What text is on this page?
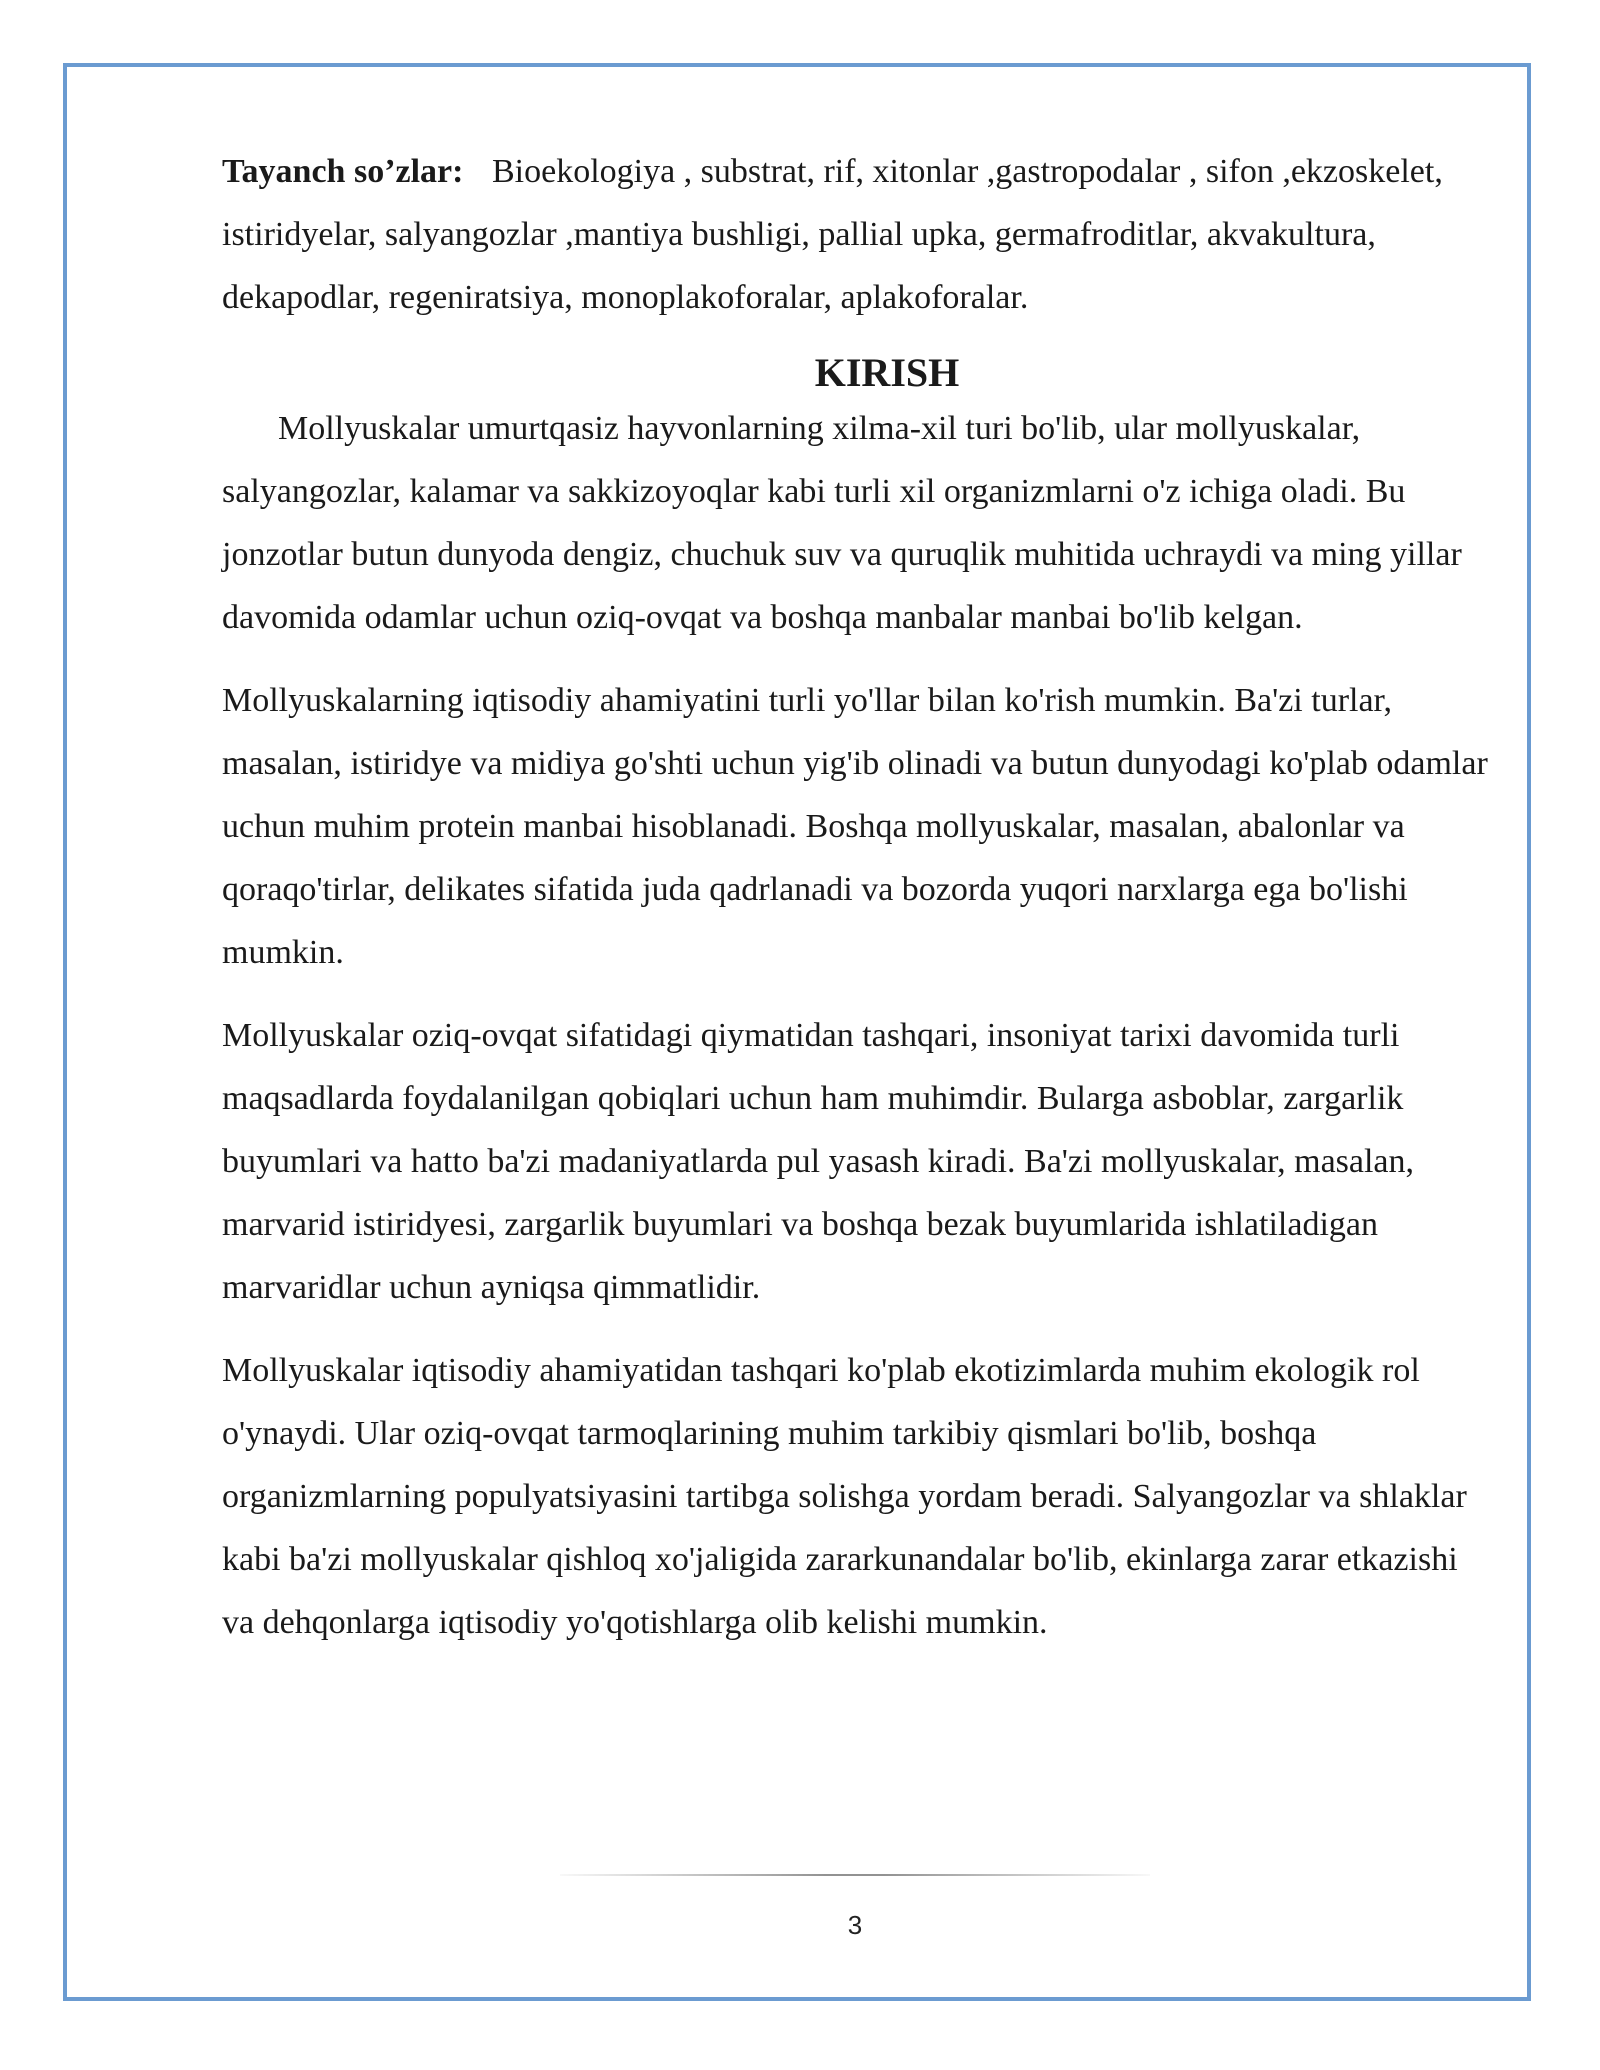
Tayanch so’zlar: Bioekologiya , substrat, rif, xitonlar ,gastropodalar , sifon ,ekzoskelet, istiridyelar, salyangozlar ,mantiya bushligi, pallial upka, germafroditlar, akvakultura, dekapodlar, regeniratsiya, monoplakoforalar, aplakoforalar.

KIRISH

Mollyuskalar umurtqasiz hayvonlarning xilma-xil turi bo'lib, ular mollyuskalar, salyangozlar, kalamar va sakkizoyoqlar kabi turli xil organizmlarni o'z ichiga oladi. Bu jonzotlar butun dunyoda dengiz, chuchuk suv va quruqlik muhitida uchraydi va ming yillar davomida odamlar uchun oziq-ovqat va boshqa manbalar manbai bo'lib kelgan.

Mollyuskalarning iqtisodiy ahamiyatini turli yo'llar bilan ko'rish mumkin. Ba'zi turlar, masalan, istiridye va midiya go'shti uchun yig'ib olinadi va butun dunyodagi ko'plab odamlar uchun muhim protein manbai hisoblanadi. Boshqa mollyuskalar, masalan, abalonlar va qoraqo'tirlar, delikates sifatida juda qadrlanadi va bozorda yuqori narxlarga ega bo'lishi mumkin.

Mollyuskalar oziq-ovqat sifatidagi qiymatidan tashqari, insoniyat tarixi davomida turli maqsadlarda foydalanilgan qobiqlari uchun ham muhimdir. Bularga asboblar, zargarlik buyumlari va hatto ba'zi madaniyatlarda pul yasash kiradi. Ba'zi mollyuskalar, masalan, marvarid istiridyesi, zargarlik buyumlari va boshqa bezak buyumlarida ishlatiladigan marvaridlar uchun ayniqsa qimmatlidir.

Mollyuskalar iqtisodiy ahamiyatidan tashqari ko'plab ekotizimlarda muhim ekologik rol o'ynaydi. Ular oziq-ovqat tarmoqlarining muhim tarkibiy qismlari bo'lib, boshqa organizmlarning populyatsiyasini tartibga solishga yordam beradi. Salyangozlar va shlaklar kabi ba'zi mollyuskalar qishloq xo'jaligida zararkunandalar bo'lib, ekinlarga zarar etkazishi va dehqonlarga iqtisodiy yo'qotishlarga olib kelishi mumkin.

3
